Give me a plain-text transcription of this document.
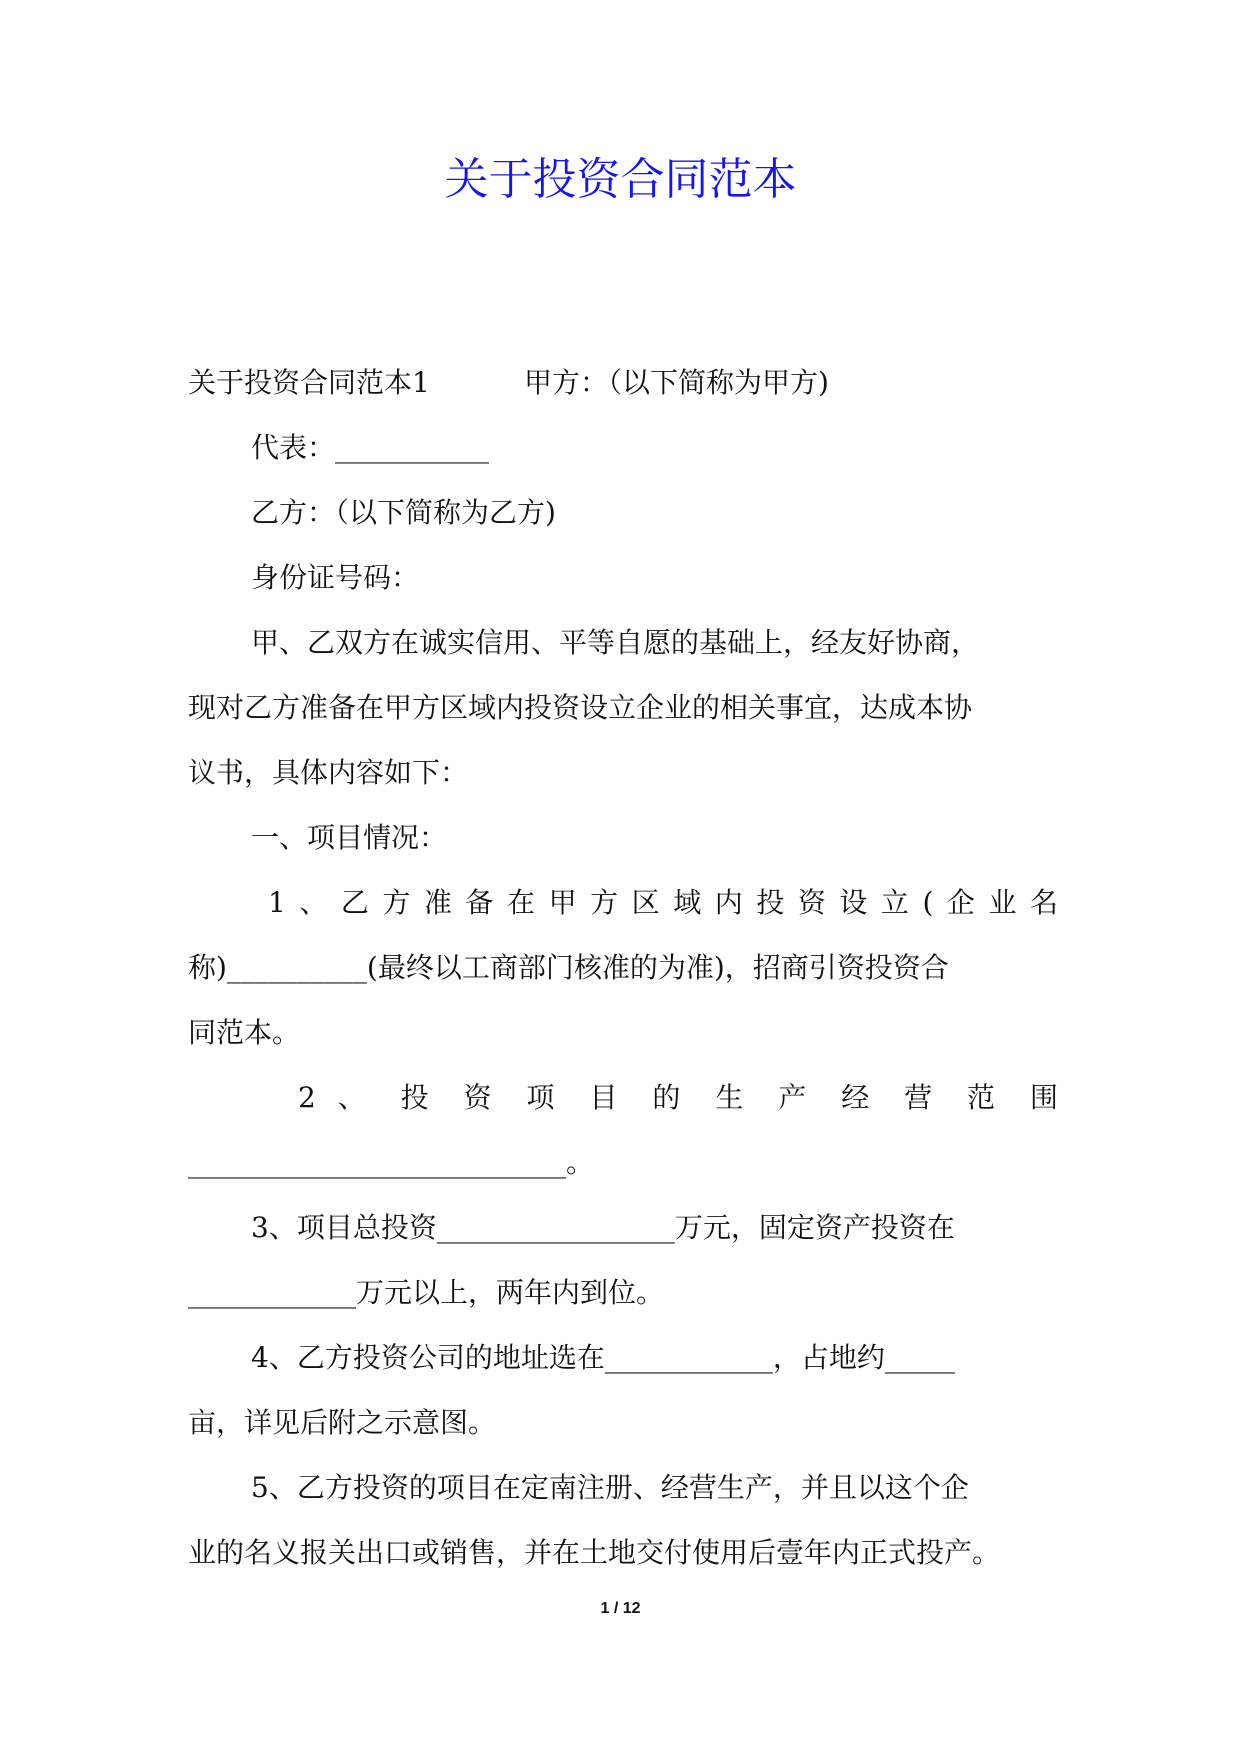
关于投资合同范本
关于投资合同范本1	甲方：（以下简称为甲方)
代表：___________
乙方：（以下简称为乙方)
身份证号码：
甲、乙双方在诚实信用、平等自愿的基础上，经友好协商，
现对乙方准备在甲方区域内投资设立企业的相关事宜，达成本协
议书，具体内容如下：
一、项目情况：
1、乙方准备在甲方区域内投资设立(企业名
称)__________(最终以工商部门核准的为准)，招商引资投资合
同范本。
2 、 投 资 项 目 的 生 产 经 营 范 围
___________________________。
3、项目总投资_________________万元，固定资产投资在
____________万元以上，两年内到位。
4、乙方投资公司的地址选在____________，占地约_____
亩，详见后附之示意图。
5、乙方投资的项目在定南注册、经营生产，并且以这个企
业的名义报关出口或销售，并在土地交付使用后壹年内正式投产。
1 / 12
